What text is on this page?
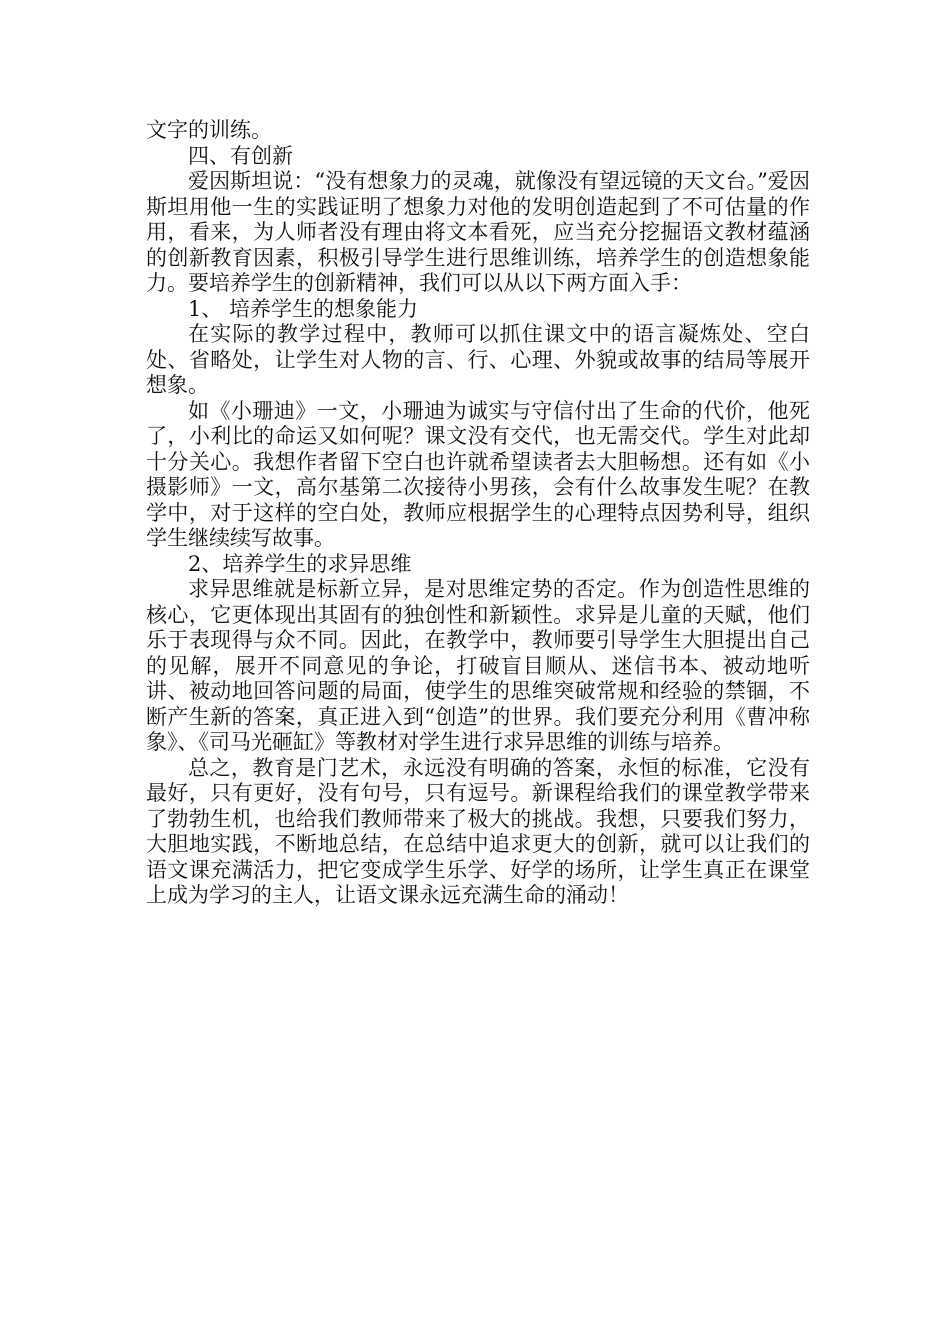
文字的训练。

四、有创新

爱因斯坦说：“没有想象力的灵魂，就像没有望远镜的天文台。”爱因斯坦用他一生的实践证明了想象力对他的发明创造起到了不可估量的作用，看来，为人师者没有理由将文本看死，应当充分挖掘语文教材蕴涵的创新教育因素，积极引导学生进行思维训练，培养学生的创造想象能力。要培养学生的创新精神，我们可以从以下两方面入手：

1、 培养学生的想象能力

在实际的教学过程中，教师可以抓住课文中的语言凝炼处、空白处、省略处，让学生对人物的言、行、心理、外貌或故事的结局等展开想象。

如《小珊迪》一文，小珊迪为诚实与守信付出了生命的代价，他死了，小利比的命运又如何呢？课文没有交代，也无需交代。学生对此却十分关心。我想作者留下空白也许就希望读者去大胆畅想。还有如《小摄影师》一文，高尔基第二次接待小男孩，会有什么故事发生呢？在教学中，对于这样的空白处，教师应根据学生的心理特点因势利导，组织学生继续续写故事。

2、培养学生的求异思维

求异思维就是标新立异，是对思维定势的否定。作为创造性思维的核心，它更体现出其固有的独创性和新颖性。求异是儿童的天赋，他们乐于表现得与众不同。因此，在教学中，教师要引导学生大胆提出自己的见解，展开不同意见的争论，打破盲目顺从、迷信书本、被动地听讲、被动地回答问题的局面，使学生的思维突破常规和经验的禁锢，不断产生新的答案，真正进入到“创造”的世界。我们要充分利用《曹冲称象》、《司马光砸缸》等教材对学生进行求异思维的训练与培养。

总之，教育是门艺术，永远没有明确的答案，永恒的标准，它没有最好，只有更好，没有句号，只有逗号。新课程给我们的课堂教学带来了勃勃生机，也给我们教师带来了极大的挑战。我想，只要我们努力，大胆地实践，不断地总结，在总结中追求更大的创新，就可以让我们的语文课充满活力，把它变成学生乐学、好学的场所，让学生真正在课堂上成为学习的主人，让语文课永远充满生命的涌动！
